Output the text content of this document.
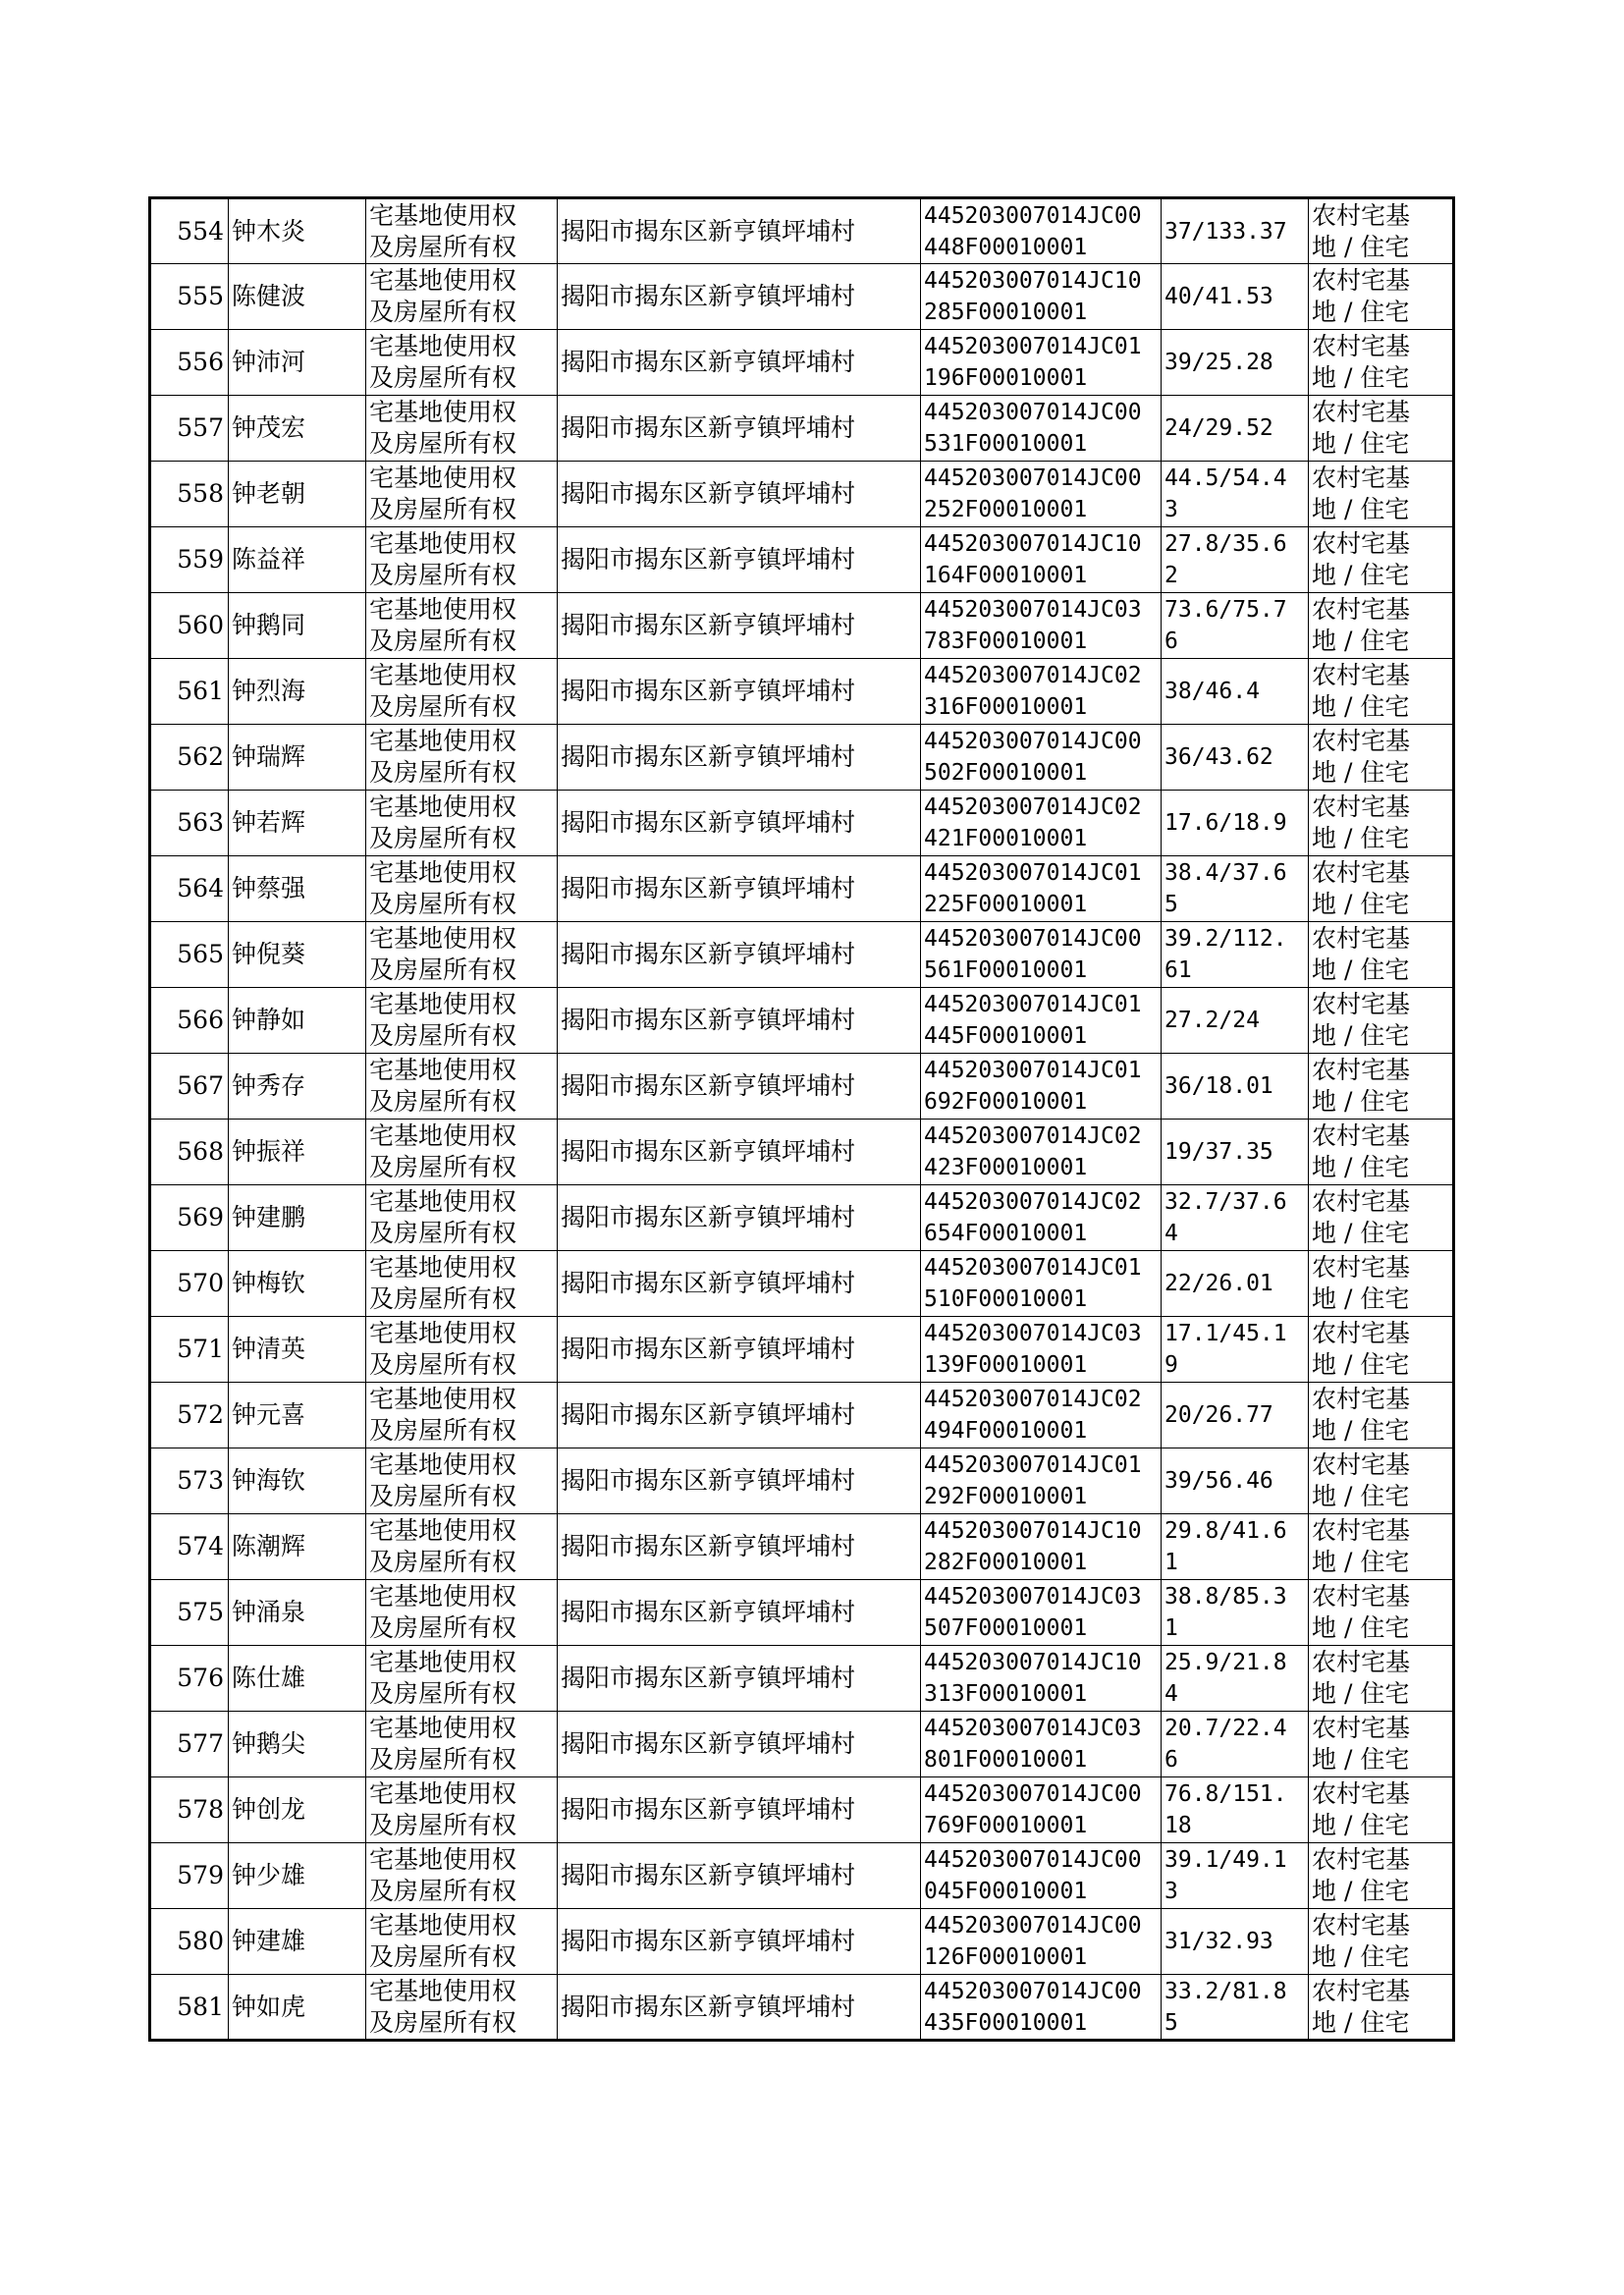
554	钟木炎	宅基地使用权
及房屋所有权	揭阳市揭东区新亨镇坪埔村	445203007014JC00
448F00010001	37/133.37	农村宅基
地 / 住宅

555	陈健波	宅基地使用权
及房屋所有权	揭阳市揭东区新亨镇坪埔村	445203007014JC10
285F00010001	40/41.53	农村宅基
地 / 住宅

556	钟沛河	宅基地使用权
及房屋所有权	揭阳市揭东区新亨镇坪埔村	445203007014JC01
196F00010001	39/25.28	农村宅基
地 / 住宅

557	钟茂宏	宅基地使用权
及房屋所有权	揭阳市揭东区新亨镇坪埔村	445203007014JC00
531F00010001	24/29.52	农村宅基
地 / 住宅

558	钟老朝	宅基地使用权
及房屋所有权	揭阳市揭东区新亨镇坪埔村	445203007014JC00
252F00010001	44.5/54.4
3	农村宅基
地 / 住宅

559	陈益祥	宅基地使用权
及房屋所有权	揭阳市揭东区新亨镇坪埔村	445203007014JC10
164F00010001	27.8/35.6
2	农村宅基
地 / 住宅

560	钟鹅同	宅基地使用权
及房屋所有权	揭阳市揭东区新亨镇坪埔村	445203007014JC03
783F00010001	73.6/75.7
6	农村宅基
地 / 住宅

561	钟烈海	宅基地使用权
及房屋所有权	揭阳市揭东区新亨镇坪埔村	445203007014JC02
316F00010001	38/46.4	农村宅基
地 / 住宅

562	钟瑞辉	宅基地使用权
及房屋所有权	揭阳市揭东区新亨镇坪埔村	445203007014JC00
502F00010001	36/43.62	农村宅基
地 / 住宅

563	钟若辉	宅基地使用权
及房屋所有权	揭阳市揭东区新亨镇坪埔村	445203007014JC02
421F00010001	17.6/18.9	农村宅基
地 / 住宅

564	钟蔡强	宅基地使用权
及房屋所有权	揭阳市揭东区新亨镇坪埔村	445203007014JC01
225F00010001	38.4/37.6
5	农村宅基
地 / 住宅

565	钟倪葵	宅基地使用权
及房屋所有权	揭阳市揭东区新亨镇坪埔村	445203007014JC00
561F00010001	39.2/112.
61	农村宅基
地 / 住宅

566	钟静如	宅基地使用权
及房屋所有权	揭阳市揭东区新亨镇坪埔村	445203007014JC01
445F00010001	27.2/24	农村宅基
地 / 住宅

567	钟秀存	宅基地使用权
及房屋所有权	揭阳市揭东区新亨镇坪埔村	445203007014JC01
692F00010001	36/18.01	农村宅基
地 / 住宅

568	钟振祥	宅基地使用权
及房屋所有权	揭阳市揭东区新亨镇坪埔村	445203007014JC02
423F00010001	19/37.35	农村宅基
地 / 住宅

569	钟建鹏	宅基地使用权
及房屋所有权	揭阳市揭东区新亨镇坪埔村	445203007014JC02
654F00010001	32.7/37.6
4	农村宅基
地 / 住宅

570	钟梅钦	宅基地使用权
及房屋所有权	揭阳市揭东区新亨镇坪埔村	445203007014JC01
510F00010001	22/26.01	农村宅基
地 / 住宅

571	钟清英	宅基地使用权
及房屋所有权	揭阳市揭东区新亨镇坪埔村	445203007014JC03
139F00010001	17.1/45.1
9	农村宅基
地 / 住宅

572	钟元喜	宅基地使用权
及房屋所有权	揭阳市揭东区新亨镇坪埔村	445203007014JC02
494F00010001	20/26.77	农村宅基
地 / 住宅

573	钟海钦	宅基地使用权
及房屋所有权	揭阳市揭东区新亨镇坪埔村	445203007014JC01
292F00010001	39/56.46	农村宅基
地 / 住宅

574	陈潮辉	宅基地使用权
及房屋所有权	揭阳市揭东区新亨镇坪埔村	445203007014JC10
282F00010001	29.8/41.6
1	农村宅基
地 / 住宅

575	钟涌泉	宅基地使用权
及房屋所有权	揭阳市揭东区新亨镇坪埔村	445203007014JC03
507F00010001	38.8/85.3
1	农村宅基
地 / 住宅

576	陈仕雄	宅基地使用权
及房屋所有权	揭阳市揭东区新亨镇坪埔村	445203007014JC10
313F00010001	25.9/21.8
4	农村宅基
地 / 住宅

577	钟鹅尖	宅基地使用权
及房屋所有权	揭阳市揭东区新亨镇坪埔村	445203007014JC03
801F00010001	20.7/22.4
6	农村宅基
地 / 住宅

578	钟创龙	宅基地使用权
及房屋所有权	揭阳市揭东区新亨镇坪埔村	445203007014JC00
769F00010001	76.8/151.
18	农村宅基
地 / 住宅

579	钟少雄	宅基地使用权
及房屋所有权	揭阳市揭东区新亨镇坪埔村	445203007014JC00
045F00010001	39.1/49.1
3	农村宅基
地 / 住宅

580	钟建雄	宅基地使用权
及房屋所有权	揭阳市揭东区新亨镇坪埔村	445203007014JC00
126F00010001	31/32.93	农村宅基
地 / 住宅

581	钟如虎	宅基地使用权
及房屋所有权	揭阳市揭东区新亨镇坪埔村	445203007014JC00
435F00010001	33.2/81.8
5	农村宅基
地 / 住宅
